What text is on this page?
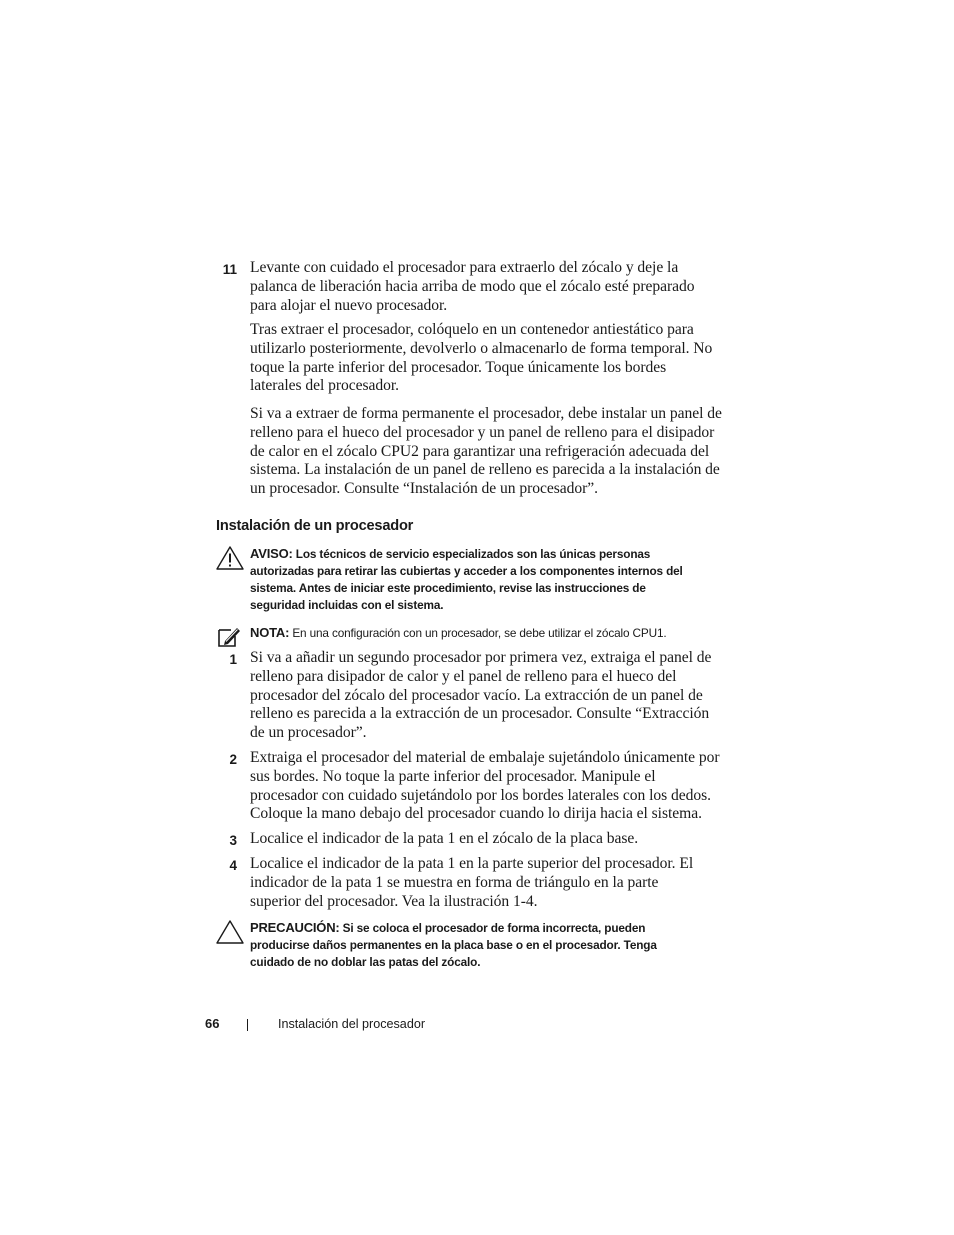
11 Levante con cuidado el procesador para extraerlo del zócalo y deje la palanca de liberación hacia arriba de modo que el zócalo esté preparado para alojar el nuevo procesador.
Tras extraer el procesador, colóquelo en un contenedor antiestático para utilizarlo posteriormente, devolverlo o almacenarlo de forma temporal. No toque la parte inferior del procesador. Toque únicamente los bordes laterales del procesador.
Si va a extraer de forma permanente el procesador, debe instalar un panel de relleno para el hueco del procesador y un panel de relleno para el disipador de calor en el zócalo CPU2 para garantizar una refrigeración adecuada del sistema. La instalación de un panel de relleno es parecida a la instalación de un procesador. Consulte “Instalación de un procesador”.
Instalación de un procesador
AVISO: Los técnicos de servicio especializados son las únicas personas autorizadas para retirar las cubiertas y acceder a los componentes internos del sistema. Antes de iniciar este procedimiento, revise las instrucciones de seguridad incluidas con el sistema.
NOTA: En una configuración con un procesador, se debe utilizar el zócalo CPU1.
1 Si va a añadir un segundo procesador por primera vez, extraiga el panel de relleno para disipador de calor y el panel de relleno para el hueco del procesador del zócalo del procesador vacío. La extracción de un panel de relleno es parecida a la extracción de un procesador. Consulte “Extracción de un procesador”.
2 Extraiga el procesador del material de embalaje sujetándolo únicamente por sus bordes. No toque la parte inferior del procesador. Manipule el procesador con cuidado sujetándolo por los bordes laterales con los dedos. Coloque la mano debajo del procesador cuando lo dirija hacia el sistema.
3 Localice el indicador de la pata 1 en el zócalo de la placa base.
4 Localice el indicador de la pata 1 en la parte superior del procesador. El indicador de la pata 1 se muestra en forma de triángulo en la parte superior del procesador. Vea la ilustración 1-4.
PRECAUCIÓN: Si se coloca el procesador de forma incorrecta, pueden producirse daños permanentes en la placa base o en el procesador. Tenga cuidado de no doblar las patas del zócalo.
66	Instalación del procesador
